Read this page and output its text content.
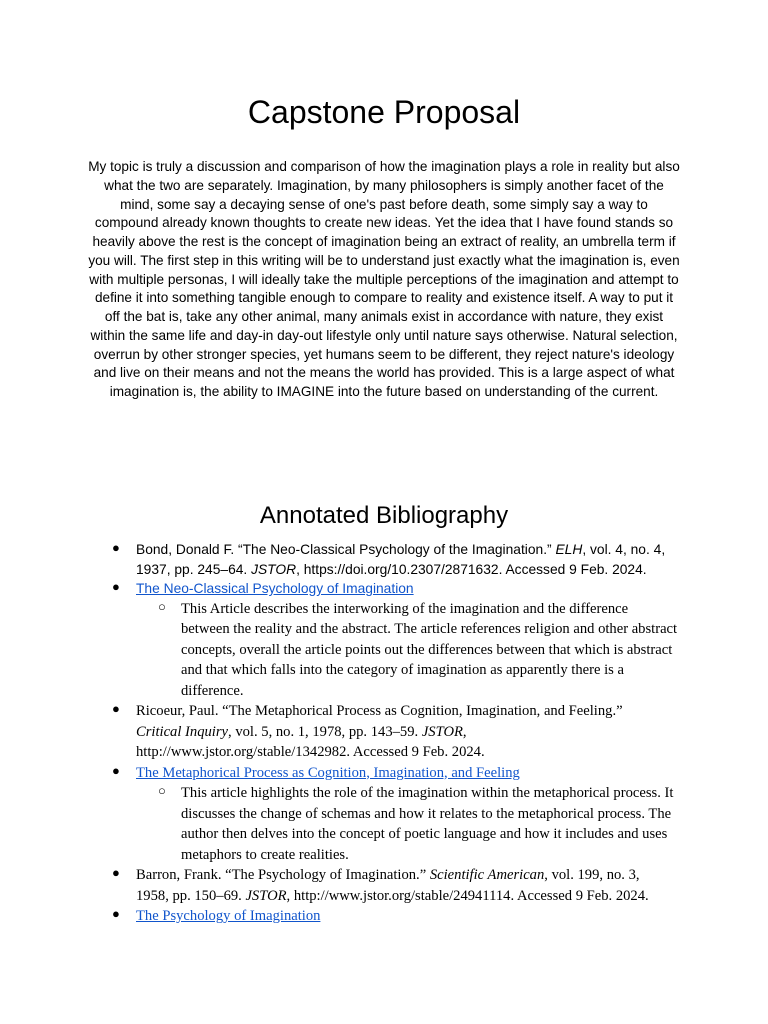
Capstone Proposal

My topic is truly a discussion and comparison of how the imagination plays a role in reality but also what the two are separately. Imagination, by many philosophers is simply another facet of the mind, some say a decaying sense of one's past before death, some simply say a way to compound already known thoughts to create new ideas. Yet the idea that I have found stands so heavily above the rest is the concept of imagination being an extract of reality, an umbrella term if you will. The first step in this writing will be to understand just exactly what the imagination is, even with multiple personas, I will ideally take the multiple perceptions of the imagination and attempt to define it into something tangible enough to compare to reality and existence itself. A way to put it off the bat is, take any other animal, many animals exist in accordance with nature, they exist within the same life and day-in day-out lifestyle only until nature says otherwise. Natural selection, overrun by other stronger species, yet humans seem to be different, they reject nature's ideology and live on their means and not the means the world has provided. This is a large aspect of what imagination is, the ability to IMAGINE into the future based on understanding of the current.

Annotated Bibliography
● Bond, Donald F. “The Neo-Classical Psychology of the Imagination.” ELH, vol. 4, no. 4, 1937, pp. 245–64. JSTOR, https://doi.org/10.2307/2871632. Accessed 9 Feb. 2024.

● The Neo-Classical Psychology of Imagination
○ This Article describes the interworking of the imagination and the difference between the reality and the abstract. The article references religion and other abstract concepts, overall the article points out the differences between that which is abstract and that which falls into the category of imagination as apparently there is a difference.

● Ricoeur, Paul. “The Metaphorical Process as Cognition, Imagination, and Feeling.” Critical Inquiry, vol. 5, no. 1, 1978, pp. 143–59. JSTOR, http://www.jstor.org/stable/1342982. Accessed 9 Feb. 2024.

● The Metaphorical Process as Cognition, Imagination, and Feeling
○ This article highlights the role of the imagination within the metaphorical process. It discusses the change of schemas and how it relates to the metaphorical process. The author then delves into the concept of poetic language and how it includes and uses metaphors to create realities.

● Barron, Frank. “The Psychology of Imagination.” Scientific American, vol. 199, no. 3, 1958, pp. 150–69. JSTOR, http://www.jstor.org/stable/24941114. Accessed 9 Feb. 2024.

● The Psychology of Imagination
